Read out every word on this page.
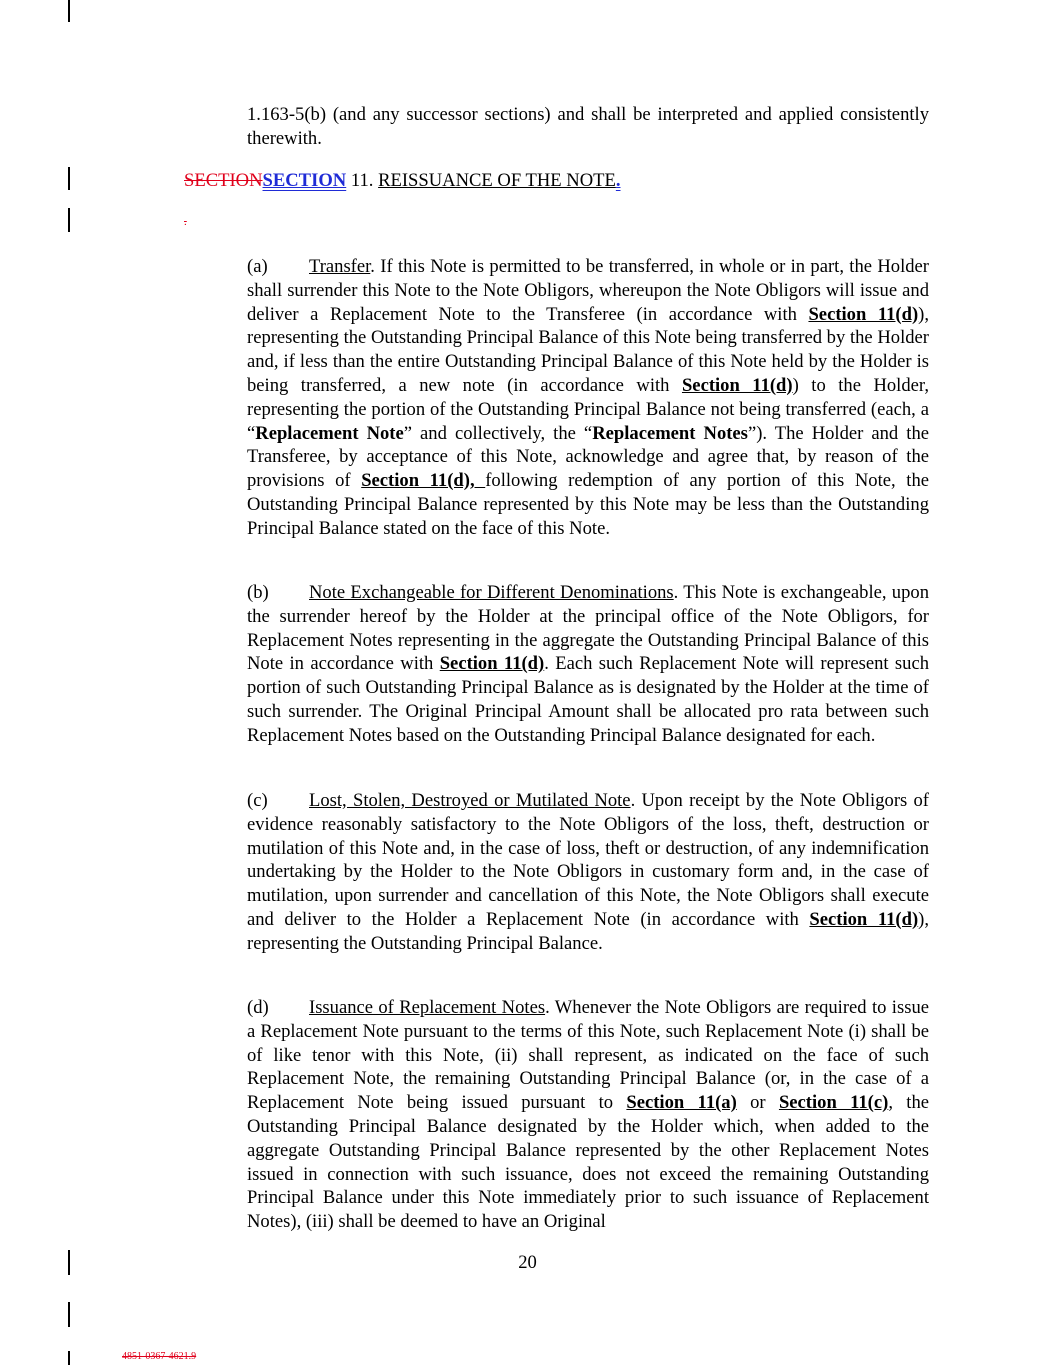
1.163-5(b) (and any successor sections) and shall be interpreted and applied consistently therewith.

SECTIONSECTION 11. REISSUANCE OF THE NOTE.
.

(a) Transfer. If this Note is permitted to be transferred, in whole or in part, the Holder shall surrender this Note to the Note Obligors, whereupon the Note Obligors will issue and deliver a Replacement Note to the Transferee (in accordance with Section 11(d)), representing the Outstanding Principal Balance of this Note being transferred by the Holder and, if less than the entire Outstanding Principal Balance of this Note held by the Holder is being transferred, a new note (in accordance with Section 11(d)) to the Holder, representing the portion of the Outstanding Principal Balance not being transferred (each, a “Replacement Note” and collectively, the “Replacement Notes”). The Holder and the Transferee, by acceptance of this Note, acknowledge and agree that, by reason of the provisions of Section 11(d), following redemption of any portion of this Note, the Outstanding Principal Balance represented by this Note may be less than the Outstanding Principal Balance stated on the face of this Note.

(b) Note Exchangeable for Different Denominations. This Note is exchangeable, upon the surrender hereof by the Holder at the principal office of the Note Obligors, for Replacement Notes representing in the aggregate the Outstanding Principal Balance of this Note in accordance with Section 11(d). Each such Replacement Note will represent such portion of such Outstanding Principal Balance as is designated by the Holder at the time of such surrender. The Original Principal Amount shall be allocated pro rata between such Replacement Notes based on the Outstanding Principal Balance designated for each.

(c) Lost, Stolen, Destroyed or Mutilated Note. Upon receipt by the Note Obligors of evidence reasonably satisfactory to the Note Obligors of the loss, theft, destruction or mutilation of this Note and, in the case of loss, theft or destruction, of any indemnification undertaking by the Holder to the Note Obligors in customary form and, in the case of mutilation, upon surrender and cancellation of this Note, the Note Obligors shall execute and deliver to the Holder a Replacement Note (in accordance with Section 11(d)), representing the Outstanding Principal Balance.

(d) Issuance of Replacement Notes. Whenever the Note Obligors are required to issue a Replacement Note pursuant to the terms of this Note, such Replacement Note (i) shall be of like tenor with this Note, (ii) shall represent, as indicated on the face of such Replacement Note, the remaining Outstanding Principal Balance (or, in the case of a Replacement Note being issued pursuant to Section 11(a) or Section 11(c), the Outstanding Principal Balance designated by the Holder which, when added to the aggregate Outstanding Principal Balance represented by the other Replacement Notes issued in connection with such issuance, does not exceed the remaining Outstanding Principal Balance under this Note immediately prior to such issuance of Replacement Notes), (iii) shall be deemed to have an Original

20
4851-0367-4621.9
